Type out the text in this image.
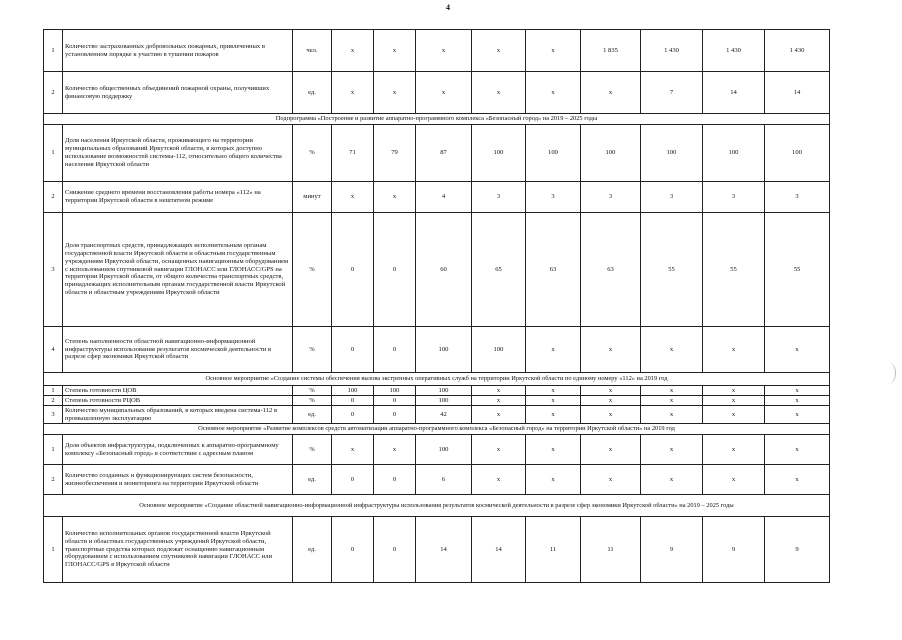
4
1	Количество застрахованных добровольных пожарных, привлеченных в установленном порядке к участию в тушении пожаров	чел.	х	х	х	х	х	1 835	1 430	1 430	1 430
2	Количество общественных объединений пожарной охраны, получивших финансовую поддержку	ед.	х	х	х	х	х	х	7	14	14
Подпрограмма «Построение и развитие аппаратно-программного комплекса «Безопасный город» на 2019 – 2025 годы											
1	Доля населения Иркутской области, проживающего на территории муниципальных образований Иркутской области, в которых доступно использование возможностей системы-112, относительно общего количества населения Иркутской области	%	71	79	87	100	100	100	100	100	100
2	Снижение среднего времени восстановления работы номера «112» на территории Иркутской области в нештатном режиме	минут	х	х	4	3	3	3	3	3	3
3	Доля транспортных средств, принадлежащих исполнительным органам государственной власти Иркутской области и областным государственным учреждениям Иркутской области, оснащенных навигационным оборудованием с использованием спутниковой навигации ГЛОНАСС или ГЛОНАСС/GPS на территории Иркутской области, от общего количества транспортных средств, принадлежащих исполнительным органам государственной власти Иркутской области и областным учреждениям Иркутской области	%	0	0	60	65	63	63	55	55	55
4	Степень наполненности областной навигационно-информационной инфраструктуры использования результатов космической деятельности в разрезе сфер экономики Иркутской области	%	0	0	100	100	х	х	х	х	х
Основное мероприятие «Создание системы обеспечения вызова экстренных оперативных служб на территории Иркутской области по единому номеру «112» на 2019 год											
1	Степень готовности ЦОВ	%	100	100	100	х	х	х	х	х	х
2	Степень готовности РЦОВ	%	0	0	100	х	х	х	х	х	х
3	Количество муниципальных образований, в которых введена система-112 в промышленную эксплуатацию	ед.	0	0	42	х	х	х	х	х	х
Основное мероприятие «Развитие комплексов средств автоматизации аппаратно-программного комплекса «Безопасный город» на территории Иркутской области» на 2019 год											
1	Доля объектов инфраструктуры, подключенных к аппаратно-программному комплексу «Безопасный город» в соответствии с адресным планом	%	х	х	100	х	х	х	х	х	х
2	Количество созданных и функционирующих систем безопасности, жизнеобеспечения и мониторинга на территории Иркутской области	ед.	0	0	6	х	х	х	х	х	х
Основное мероприятие «Создание областной навигационно-информационной инфраструктуры использования результатов космической деятельности в разрезе сфер экономики Иркутской области» на 2019 – 2025 годы											
1	Количество исполнительных органов государственной власти Иркутской области и областных государственных учреждений Иркутской области, транспортные средства которых подлежат оснащению навигационным оборудованием с использованием спутниковой навигации ГЛОНАСС или ГЛОНАСС/GPS в Иркутской области	ед.	0	0	14	14	11	11	9	9	9
